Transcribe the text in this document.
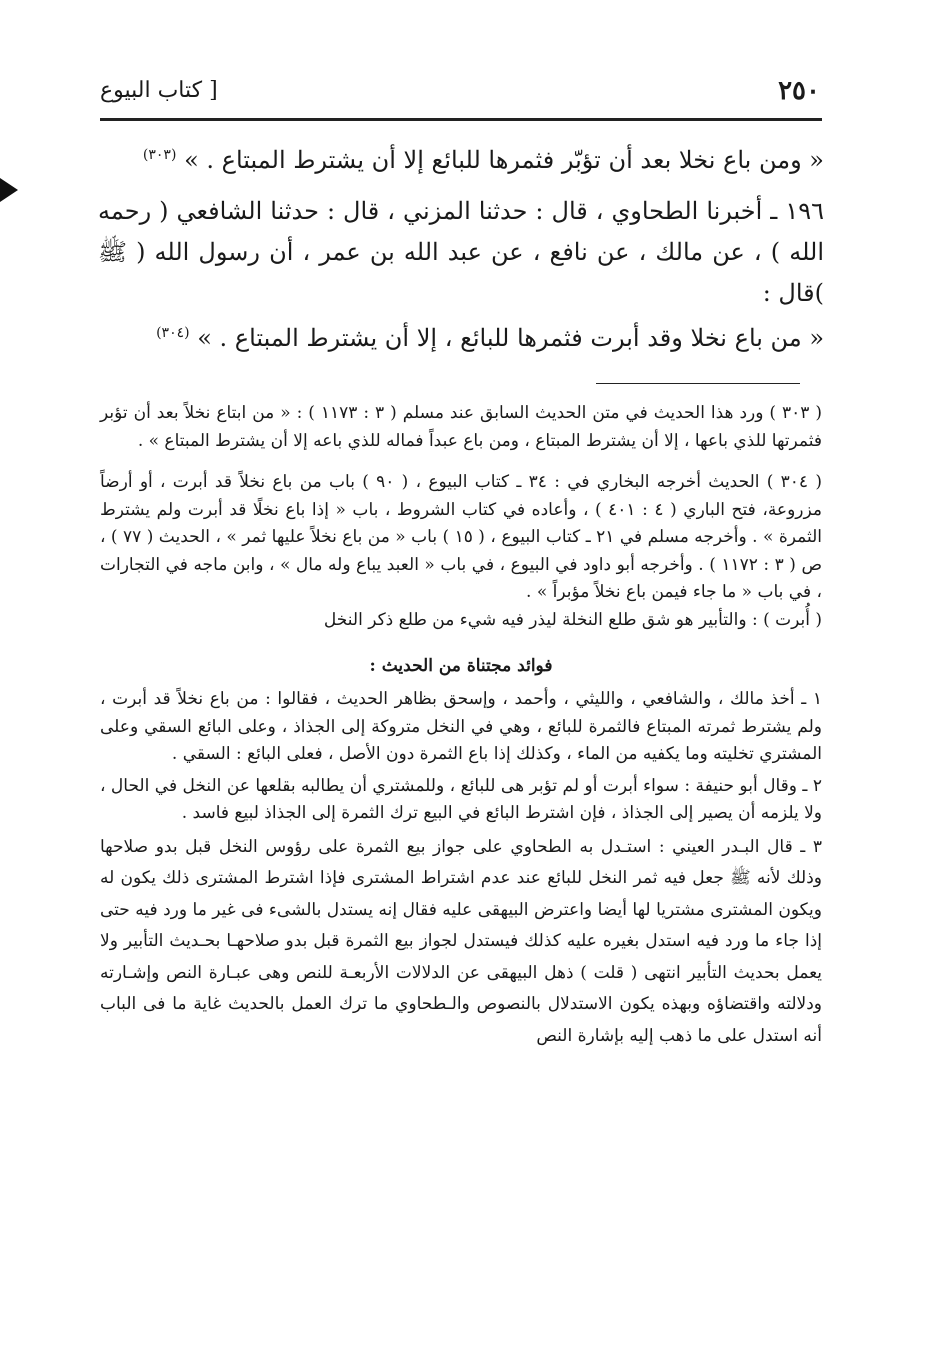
٢٥٠
[ كتاب البيوع

« ومن باع نخلا بعد أن تؤبّر فثمرها للبائع إلا أن يشترط المبتاع . » $^{(٣٠٣)}$

١٩٦ ـ أخبرنا الطحاوي ، قال : حدثنا المزني ، قال : حدثنا الشافعي ( رحمه الله ) ، عن مالك ، عن نافع ، عن عبد الله بن عمر ، أن رسول الله ( ﷺ )قال :

« من باع نخلا وقد أبرت فثمرها للبائع ، إلا أن يشترط المبتاع . » $^{(٣٠٤)}$

( ٣٠٣ ) ورد هذا الحديث في متن الحديث السابق عند مسلم ( ٣ : ١١٧٣ ) : « من ابتاع نخلاً بعد أن تؤبر فثمرتها للذي باعها ، إلا أن يشترط المبتاع ، ومن باع عبداً فماله للذي باعه إلا أن يشترط المبتاع » .

( ٣٠٤ ) الحديث أخرجه البخاري في : ٣٤ ـ كتاب البيوع ، ( ٩٠ ) باب من باع نخلاً قد أبرت ، أو أرضاً مزروعة، فتح الباري ( ٤ : ٤٠١ ) ، وأعاده في كتاب الشروط ، باب « إذا باع نخلًا قد أبرت ولم يشترط الثمرة » . وأخرجه مسلم في ٢١ ـ كتاب البيوع ، ( ١٥ ) باب « من باع نخلاً عليها ثمر » ، الحديث ( ٧٧ ) ، ص ( ٣ : ١١٧٢ ) . وأخرجه أبو داود في البيوع ، في باب « العبد يباع وله مال » ، وابن ماجه في التجارات ، في باب « ما جاء فيمن باع نخلاً مؤبراً » .

( أُبرت ) : والتأبير هو شق طلع النخلة ليذر فيه شيء من طلع ذكر النخل

فوائد مجتناة من الحديث :

١ ـ أخذ مالك ، والشافعي ، والليثي ، وأحمد ، وإسحق بظاهر الحديث ، فقالوا : من باع نخلاً قد أبرت ، ولم يشترط ثمرته المبتاع فالثمرة للبائع ، وهي في النخل متروكة إلى الجذاذ ، وعلى البائع السقي وعلى المشتري تخليته وما يكفيه من الماء ، وكذلك إذا باع الثمرة دون الأصل ، فعلى البائع : السقي .

٢ ـ وقال أبو حنيفة : سواء أبرت أو لم تؤبر هى للبائع ، وللمشتري أن يطالبه بقلعها عن النخل في الحال ، ولا يلزمه أن يصير إلى الجذاذ ، فإن اشترط البائع في البيع ترك الثمرة إلى الجذاذ لبيع فاسد .

٣ ـ قال البـدر العيني : استـدل به الطحاوي على جواز بيع الثمرة على رؤوس النخل قبل بدو صلاحها وذلك لأنه ﷺ جعل فيه ثمر النخل للبائع عند عدم اشتراط المشترى فإذا اشترط المشترى ذلك يكون له ويكون المشترى مشتريا لها أيضا واعترض البيهقى عليه فقال إنه يستدل بالشىء فى غير ما ورد فيه حتى إذا جاء ما ورد فيه استدل بغيره عليه كذلك فيستدل لجواز بيع الثمرة قبل بدو صلاحهـا بحـديث التأبير ولا يعمل بحديث التأبير انتهى ( قلت ) ذهل البيهقى عن الدلالات الأربعـة للنص وهى عبـارة النص وإشـارته ودلالته واقتضاؤه وبهذه يكون الاستدلال بالنصوص والـطحاوي ما ترك العمل بالحديث غاية ما فى الباب أنه استدل على ما ذهب إليه بإشارة النص
